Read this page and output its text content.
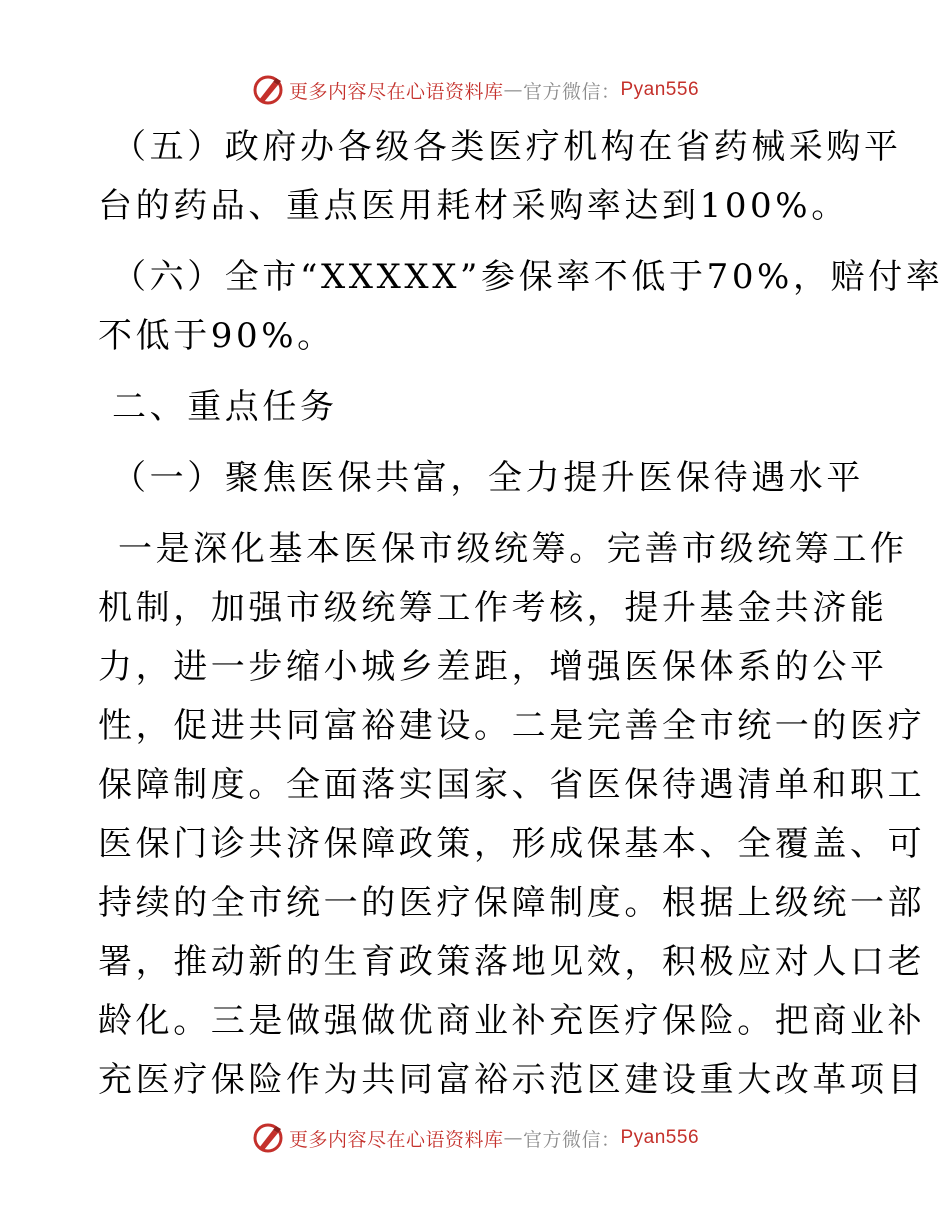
更多内容尽在心语资料库 — 官方微信： Pyan556
（五）政府办各级各类医疗机构在省药械采购平
台的药品、重点医用耗材采购率达到100%。
（六）全市“XXXXX”参保率不低于70%，赔付率
不低于90%。
二、重点任务
（一）聚焦医保共富，全力提升医保待遇水平
一是深化基本医保市级统筹。完善市级统筹工作
机制，加强市级统筹工作考核，提升基金共济能
力，进一步缩小城乡差距，增强医保体系的公平
性，促进共同富裕建设。二是完善全市统一的医疗
保障制度。全面落实国家、省医保待遇清单和职工
医保门诊共济保障政策，形成保基本、全覆盖、可
持续的全市统一的医疗保障制度。根据上级统一部
署，推动新的生育政策落地见效，积极应对人口老
龄化。三是做强做优商业补充医疗保险。把商业补
充医疗保险作为共同富裕示范区建设重大改革项目
更多内容尽在心语资料库 — 官方微信： Pyan556
